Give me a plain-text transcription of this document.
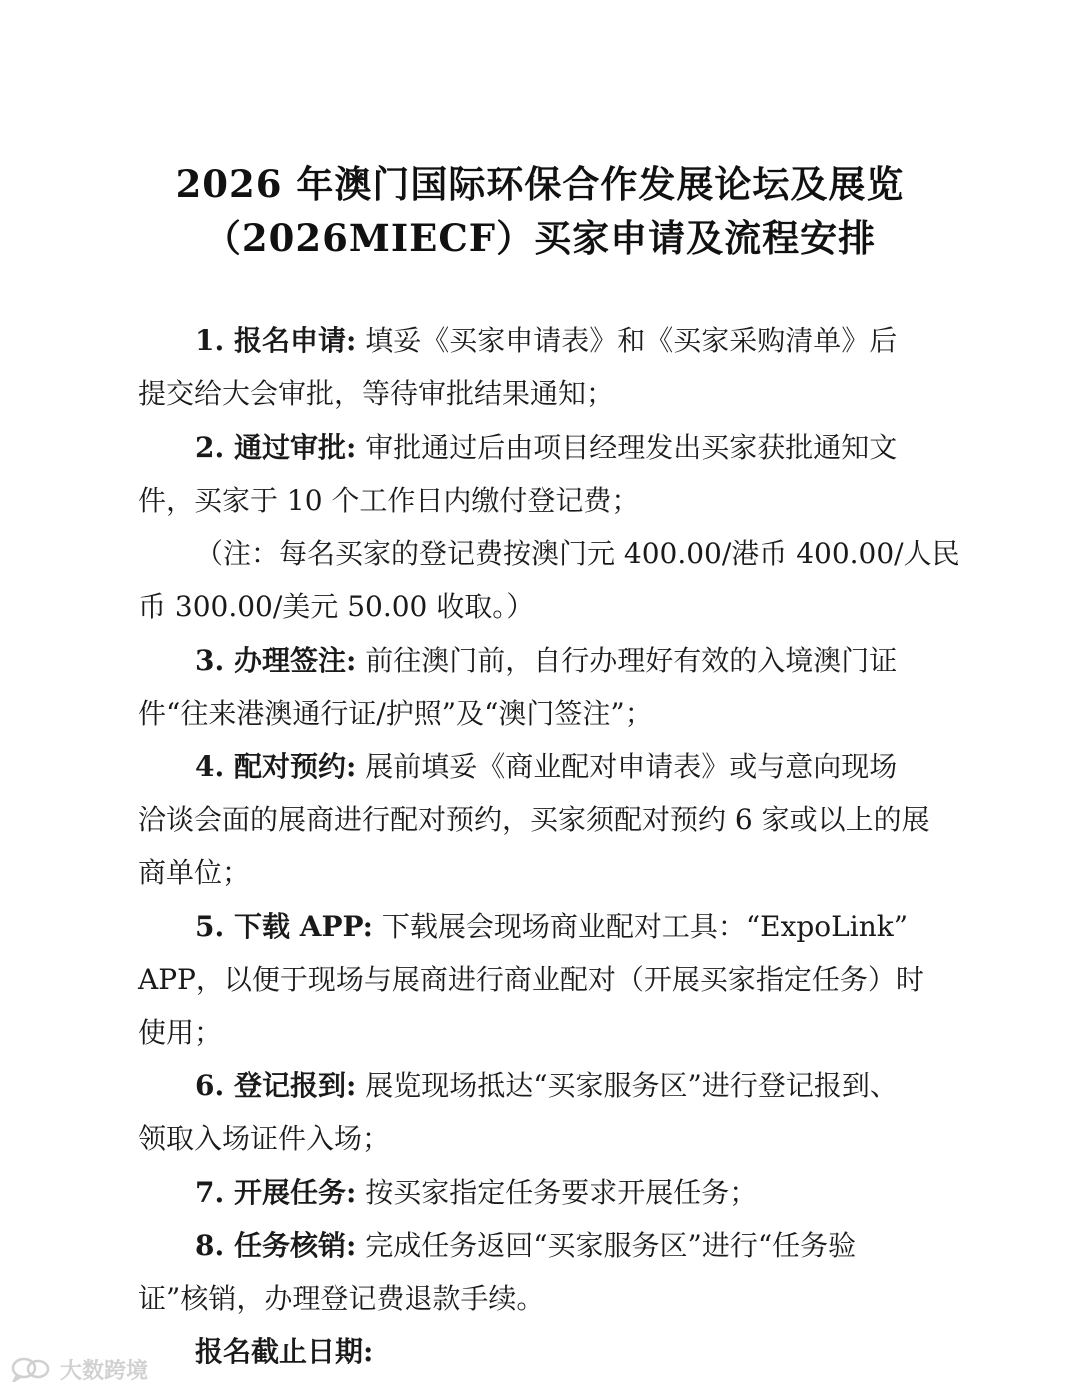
2026 年澳门国际环保合作发展论坛及展览
（2026MIECF）买家申请及流程安排
1. 报名申请: 填妥《买家申请表》和《买家采购清单》后
提交给大会审批，等待审批结果通知；
2. 通过审批: 审批通过后由项目经理发出买家获批通知文
件，买家于 10 个工作日内缴付登记费；
（注：每名买家的登记费按澳门元 400.00/港币 400.00/人民
币 300.00/美元 50.00 收取。）
3. 办理签注: 前往澳门前，自行办理好有效的入境澳门证
件“往来港澳通行证/护照”及“澳门签注”；
4. 配对预约: 展前填妥《商业配对申请表》或与意向现场
洽谈会面的展商进行配对预约，买家须配对预约 6 家或以上的展
商单位；
5. 下载 APP: 下载展会现场商业配对工具：“ExpoLink”
APP，以便于现场与展商进行商业配对（开展买家指定任务）时
使用；
6. 登记报到: 展览现场抵达“买家服务区”进行登记报到、
领取入场证件入场；
7. 开展任务: 按买家指定任务要求开展任务；
8. 任务核销: 完成任务返回“买家服务区”进行“任务验
证”核销，办理登记费退款手续。
报名截止日期:
大数跨境
